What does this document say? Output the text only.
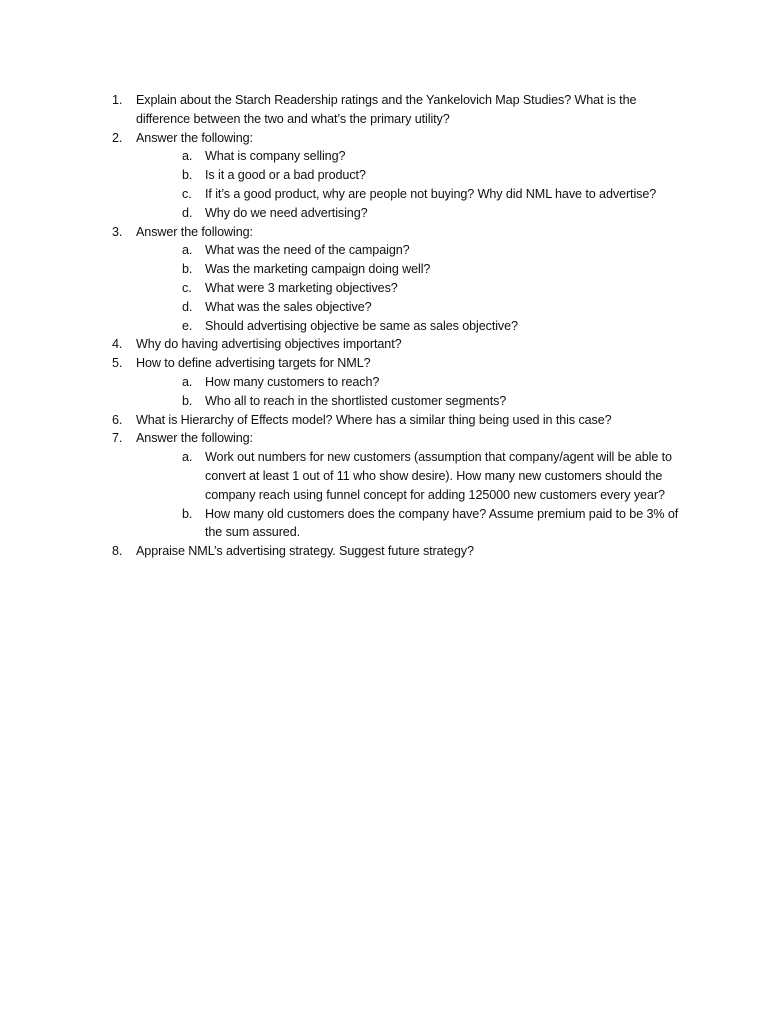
1. Explain about the Starch Readership ratings and the Yankelovich Map Studies? What is the difference between the two and what’s the primary utility?
2. Answer the following:
a. What is company selling?
b. Is it a good or a bad product?
c. If it’s a good product, why are people not buying? Why did NML have to advertise?
d. Why do we need advertising?
3. Answer the following:
a. What was the need of the campaign?
b. Was the marketing campaign doing well?
c. What were 3 marketing objectives?
d. What was the sales objective?
e. Should advertising objective be same as sales objective?
4. Why do having advertising objectives important?
5. How to define advertising targets for NML?
a. How many customers to reach?
b. Who all to reach in the shortlisted customer segments?
6. What is Hierarchy of Effects model? Where has a similar thing being used in this case?
7. Answer the following:
a. Work out numbers for new customers (assumption that company/agent will be able to convert at least 1 out of 11 who show desire). How many new customers should the company reach using funnel concept for adding 125000 new customers every year?
b. How many old customers does the company have? Assume premium paid to be 3% of the sum assured.
8. Appraise NML’s advertising strategy. Suggest future strategy?
